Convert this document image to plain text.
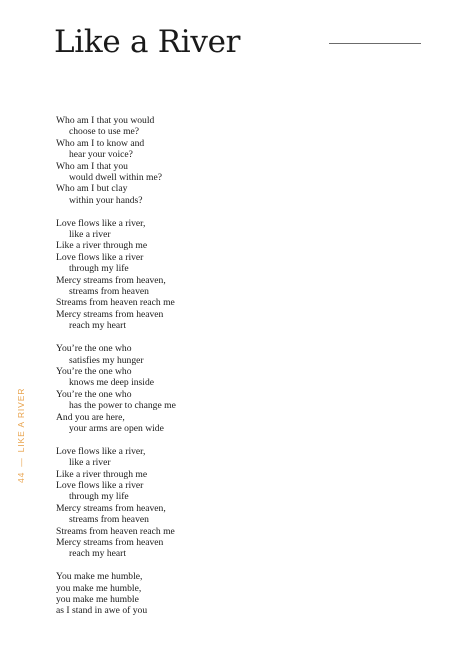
Like a River
Who am I that you would
choose to use me?
Who am I to know and
hear your voice?
Who am I that you
would dwell within me?
Who am I but clay
within your hands?
Love flows like a river,
like a river
Like a river through me
Love flows like a river
through my life
Mercy streams from heaven,
streams from heaven
Streams from heaven reach me
Mercy streams from heaven
reach my heart
You’re the one who
satisfies my hunger
You’re the one who
knows me deep inside
You’re the one who
has the power to change me
And you are here,
your arms are open wide
Love flows like a river,
like a river
Like a river through me
Love flows like a river
through my life
Mercy streams from heaven,
streams from heaven
Streams from heaven reach me
Mercy streams from heaven
reach my heart
You make me humble,
you make me humble,
you make me humble
as I stand in awe of you
44—LIKE A RIVER
